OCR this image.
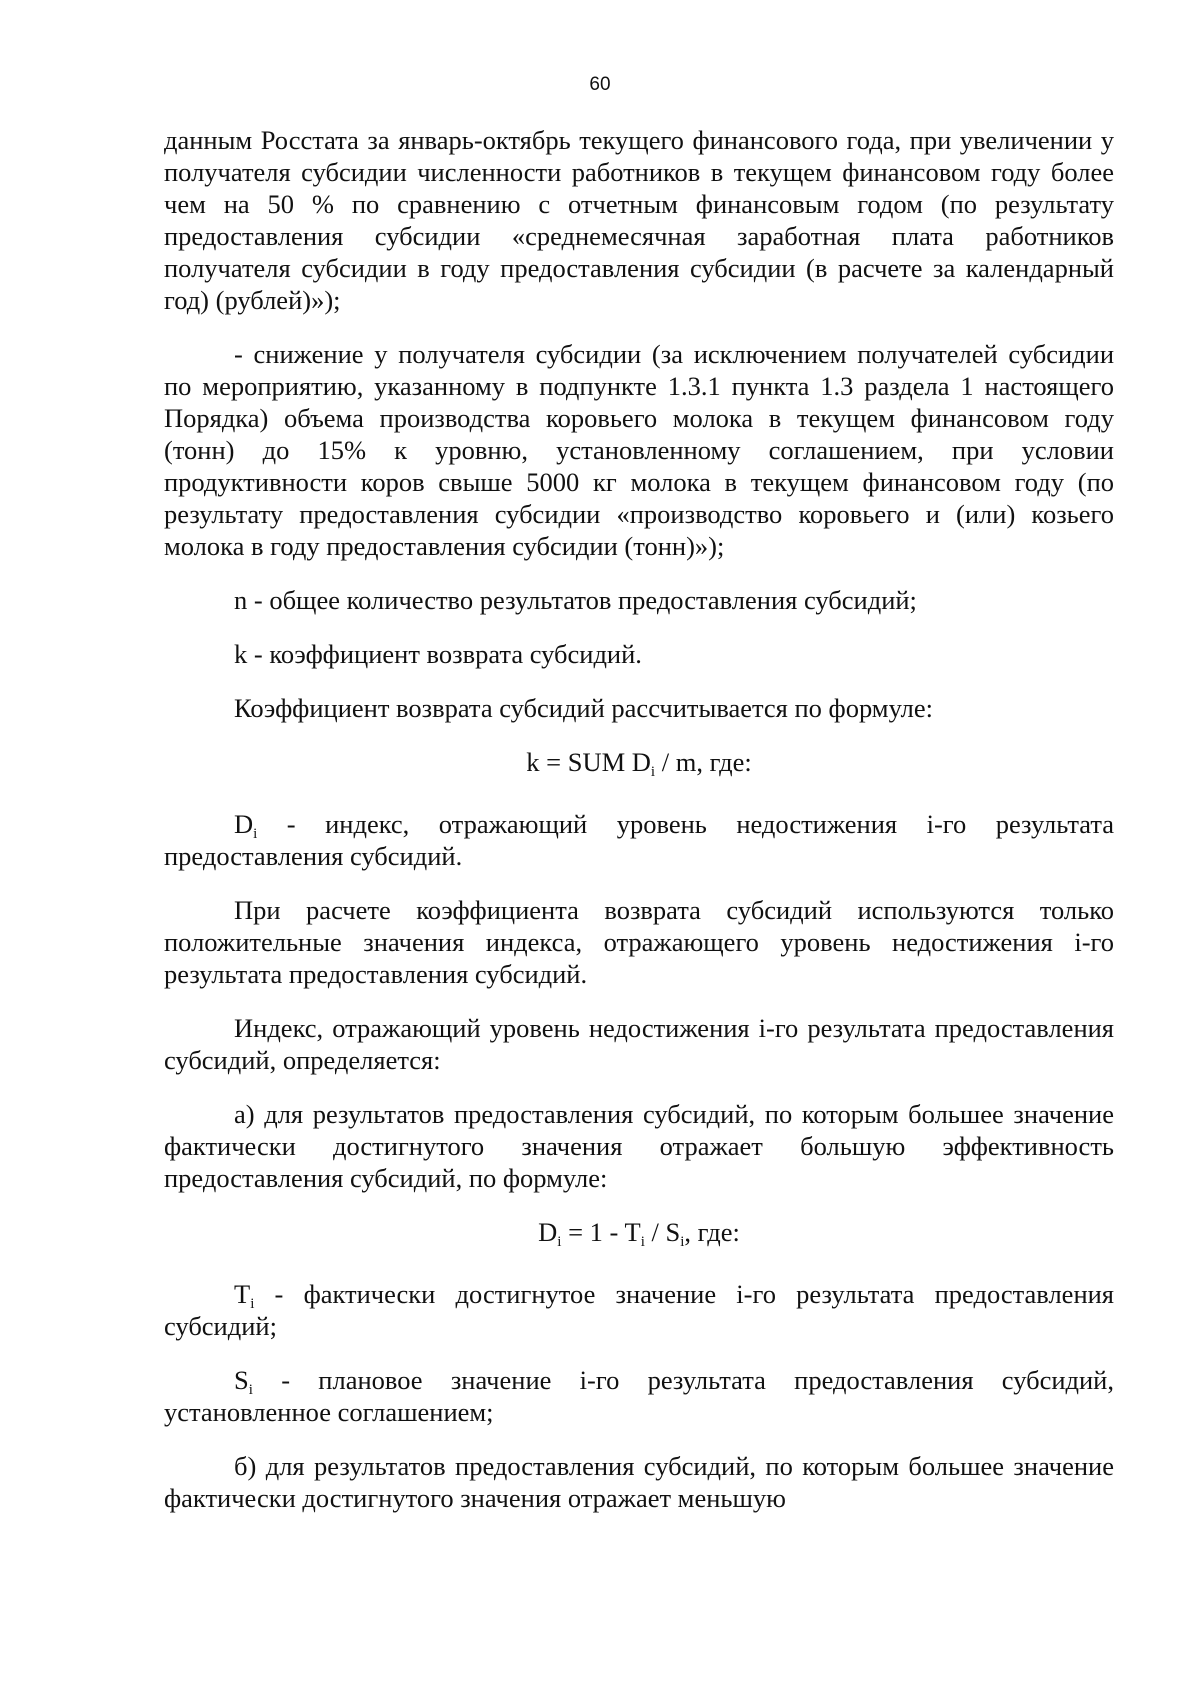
60

данным Росстата за январь-октябрь текущего финансового года, при увеличении у получателя субсидии численности работников в текущем финансовом году более чем на 50 % по сравнению с отчетным финансовым годом (по результату предоставления субсидии «среднемесячная заработная плата работников получателя субсидии в году предоставления субсидии (в расчете за календарный год) (рублей)»);

- снижение у получателя субсидии (за исключением получателей субсидии по мероприятию, указанному в подпункте 1.3.1 пункта 1.3 раздела 1 настоящего Порядка) объема производства коровьего молока в текущем финансовом году (тонн) до 15% к уровню, установленному соглашением, при условии продуктивности коров свыше 5000 кг молока в текущем финансовом году (по результату предоставления субсидии «производство коровьего и (или) козьего молока в году предоставления субсидии (тонн)»);

n - общее количество результатов предоставления субсидий;

k - коэффициент возврата субсидий.

Коэффициент возврата субсидий рассчитывается по формуле:

k = SUM $D_i$ / m, где:

$D_i$ - индекс, отражающий уровень недостижения i-го результата предоставления субсидий.

При расчете коэффициента возврата субсидий используются только положительные значения индекса, отражающего уровень недостижения i-го результата предоставления субсидий.

Индекс, отражающий уровень недостижения i-го результата предоставления субсидий, определяется:

а) для результатов предоставления субсидий, по которым большее значение фактически достигнутого значения отражает большую эффективность предоставления субсидий, по формуле:

$D_i = 1 - T_i / S_i$, где:

$T_i$ - фактически достигнутое значение i-го результата предоставления субсидий;

$S_i$ - плановое значение i-го результата предоставления субсидий, установленное соглашением;

б) для результатов предоставления субсидий, по которым большее значение фактически достигнутого значения отражает меньшую
